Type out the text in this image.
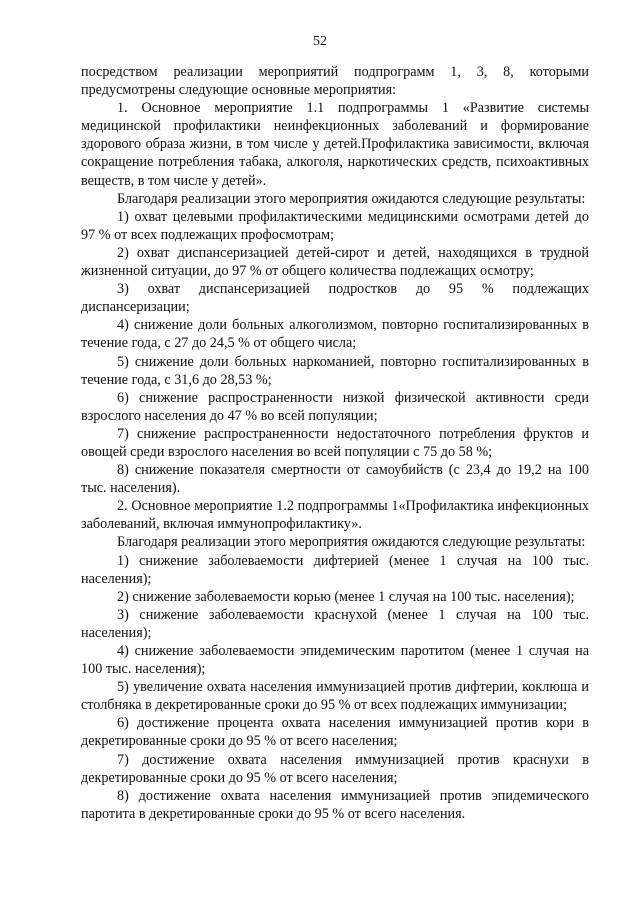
52

посредством реализации мероприятий подпрограмм 1, 3, 8, которыми предусмотрены следующие основные мероприятия:

1. Основное мероприятие 1.1 подпрограммы 1 «Развитие системы медицинской профилактики неинфекционных заболеваний и формирование здорового образа жизни, в том числе у детей.Профилактика зависимости, включая сокращение потребления табака, алкоголя, наркотических средств, психоактивных веществ, в том числе у детей».

Благодаря реализации этого мероприятия ожидаются следующие результаты:

1) охват целевыми профилактическими медицинскими осмотрами детей до 97 % от всех подлежащих профосмотрам;

2) охват диспансеризацией детей-сирот и детей, находящихся в трудной жизненной ситуации, до 97 % от общего количества подлежащих осмотру;

3) охват диспансеризацией подростков до 95 % подлежащих диспансеризации;

4) снижение доли больных алкоголизмом, повторно госпитализированных в течение года, с 27 до 24,5 % от общего числа;

5) снижение доли больных наркоманией, повторно госпитализированных в течение года, с 31,6 до 28,53 %;

6) снижение распространенности низкой физической активности среди взрослого населения до 47 % во всей популяции;

7) снижение распространенности недостаточного потребления фруктов и овощей среди взрослого населения во всей популяции с 75 до 58 %;

8) снижение показателя смертности от самоубийств (с 23,4 до 19,2 на 100 тыс. населения).

2. Основное мероприятие 1.2 подпрограммы 1«Профилактика инфекционных заболеваний, включая иммунопрофилактику».

Благодаря реализации этого мероприятия ожидаются следующие результаты:

1) снижение заболеваемости дифтерией (менее 1 случая на 100 тыс. населения);

2) снижение заболеваемости корью (менее 1 случая на 100 тыс. населения);

3) снижение заболеваемости краснухой (менее 1 случая на 100 тыс. населения);

4) снижение заболеваемости эпидемическим паротитом (менее 1 случая на 100 тыс. населения);

5) увеличение охвата населения иммунизацией против дифтерии, коклюша и столбняка в декретированные сроки до 95 % от всех подлежащих иммунизации;

6) достижение процента охвата населения иммунизацией против кори в декретированные сроки до 95 % от всего населения;

7) достижение охвата населения иммунизацией против краснухи в декретированные сроки до 95 % от всего населения;

8) достижение охвата населения иммунизацией против эпидемического паротита в декретированные сроки до 95 % от всего населения.
